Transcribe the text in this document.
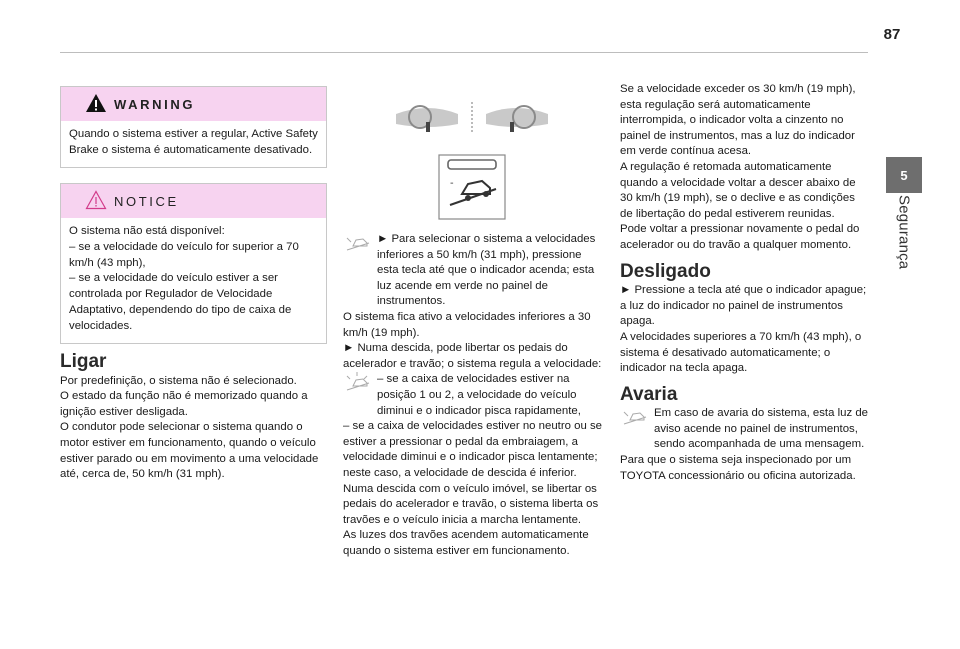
87
5
Segurança
WARNING

Quando o sistema estiver a regular, Active Safety Brake o sistema é automaticamente desativado.

NOTICE

O sistema não está disponível:

– se a velocidade do veículo for superior a 70 km/h (43 mph),

– se a velocidade do veículo estiver a ser controlada por Regulador de Velocidade Adaptativo, dependendo do tipo de caixa de velocidades.

Ligar

Por predefinição, o sistema não é selecionado.

O estado da função não é memorizado quando a ignição estiver desligada.

O condutor pode selecionar o sistema quando o motor estiver em funcionamento, quando o veículo estiver parado ou em movimento a uma velocidade até, cerca de, 50 km/h (31 mph).

-

► Para selecionar o sistema a velocidades inferiores a 50 km/h (31 mph), pressione esta tecla até que o indicador acenda; esta luz acende em verde no painel de instrumentos.

O sistema fica ativo a velocidades inferiores a 30 km/h (19 mph).

► Numa descida, pode libertar os pedais do acelerador e travão; o sistema regula a velocidade:

– se a caixa de velocidades estiver na posição 1 ou 2, a velocidade do veículo diminui e o indicador pisca rapidamente,

– se a caixa de velocidades estiver no neutro ou se estiver a pressionar o pedal da embraiagem, a velocidade diminui e o indicador pisca lentamente; neste caso, a velocidade de descida é inferior.

Numa descida com o veículo imóvel, se libertar os pedais do acelerador e travão, o sistema liberta os travões e o veículo inicia a marcha lentamente.

As luzes dos travões acendem automaticamente quando o sistema estiver em funcionamento.

Se a velocidade exceder os 30 km/h (19 mph), esta regulação será automaticamente interrompida, o indicador volta a cinzento no painel de instrumentos, mas a luz do indicador em verde contínua acesa.

A regulação é retomada automaticamente quando a velocidade voltar a descer abaixo de 30 km/h (19 mph), se o declive e as condições de libertação do pedal estiverem reunidas.

Pode voltar a pressionar novamente o pedal do acelerador ou do travão a qualquer momento.

Desligado

► Pressione a tecla até que o indicador apague; a luz do indicador no painel de instrumentos apaga.

A velocidades superiores a 70 km/h (43 mph), o sistema é desativado automaticamente; o indicador na tecla apaga.

Avaria

Em caso de avaria do sistema, esta luz de aviso acende no painel de instrumentos, sendo acompanhada de uma mensagem.

Para que o sistema seja inspecionado por um TOYOTA concessionário ou oficina autorizada.
